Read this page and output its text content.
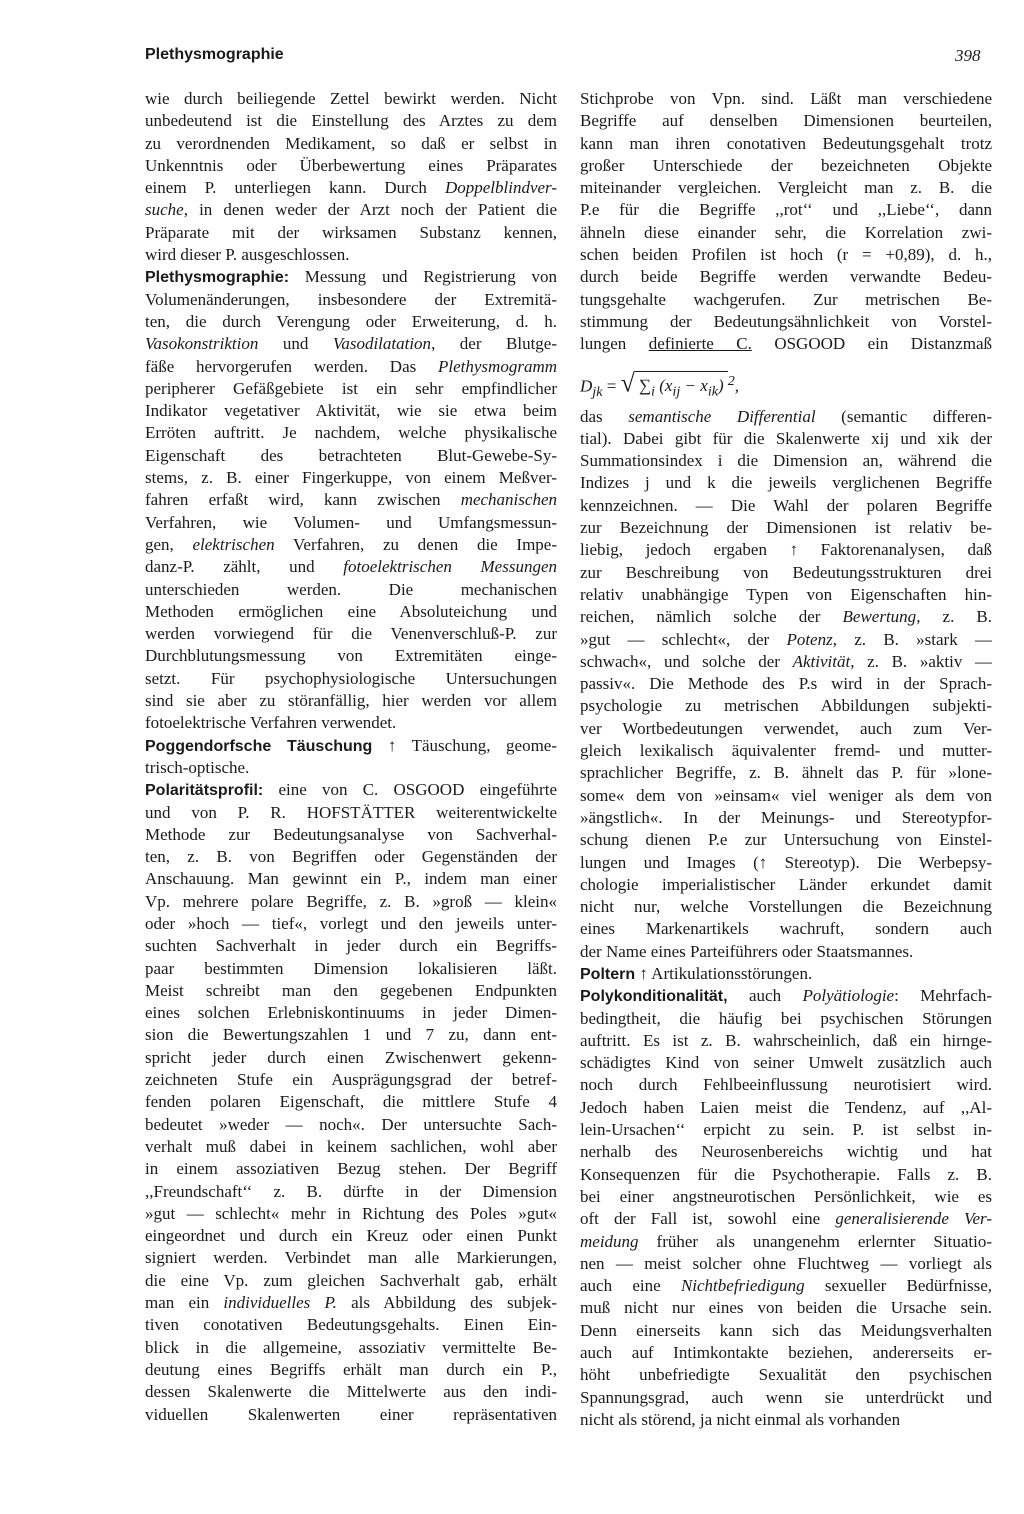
Plethysmographie	398
wie durch beiliegende Zettel bewirkt werden. Nicht
unbedeutend ist die Einstellung des Arztes zu dem
zu verordnenden Medikament, so daß er selbst in
Unkenntnis oder Überbewertung eines Präparates
einem P. unterliegen kann. Durch Doppelblindver-
suche, in denen weder der Arzt noch der Patient die
Präparate mit der wirksamen Substanz kennen,
wird dieser P. ausgeschlossen.
Plethysmographie: Messung und Registrierung von
Volumenänderungen, insbesondere der Extremitä-
ten, die durch Verengung oder Erweiterung, d. h.
Vasokonstriktion und Vasodilatation, der Blutge-
fäße hervorgerufen werden. Das Plethysmogramm
peripherer Gefäßgebiete ist ein sehr empfindlicher
Indikator vegetativer Aktivität, wie sie etwa beim
Erröten auftritt. Je nachdem, welche physikalische
Eigenschaft des betrachteten Blut-Gewebe-Sy-
stems, z. B. einer Fingerkuppe, von einem Meßver-
fahren erfaßt wird, kann zwischen mechanischen
Verfahren, wie Volumen- und Umfangsmessun-
gen, elektrischen Verfahren, zu denen die Impe-
danz-P. zählt, und fotoelektrischen Messungen
unterschieden werden. Die mechanischen
Methoden ermöglichen eine Absoluteichung und
werden vorwiegend für die Venenverschluß-P. zur
Durchblutungsmessung von Extremitäten einge-
setzt. Für psychophysiologische Untersuchungen
sind sie aber zu störanfällig, hier werden vor allem
fotoelektrische Verfahren verwendet.
Poggendorfsche Täuschung ↑ Täuschung, geome-
trisch-optische.
Polaritätsprofil: eine von C. OSGOOD eingeführte
und von P. R. HOFSTÄTTER weiterentwickelte
Methode zur Bedeutungsanalyse von Sachverhal-
ten, z. B. von Begriffen oder Gegenständen der
Anschauung. Man gewinnt ein P., indem man einer
Vp. mehrere polare Begriffe, z. B. »groß — klein«
oder »hoch — tief«, vorlegt und den jeweils unter-
suchten Sachverhalt in jeder durch ein Begriffs-
paar bestimmten Dimension lokalisieren läßt.
Meist schreibt man den gegebenen Endpunkten
eines solchen Erlebniskontinuums in jeder Dimen-
sion die Bewertungszahlen 1 und 7 zu, dann ent-
spricht jeder durch einen Zwischenwert gekenn-
zeichneten Stufe ein Ausprägungsgrad der betref-
fenden polaren Eigenschaft, die mittlere Stufe 4
bedeutet »weder — noch«. Der untersuchte Sach-
verhalt muß dabei in keinem sachlichen, wohl aber
in einem assoziativen Bezug stehen. Der Begriff
,,Freundschaft‘‘ z. B. dürfte in der Dimension
»gut — schlecht« mehr in Richtung des Poles »gut«
eingeordnet und durch ein Kreuz oder einen Punkt
signiert werden. Verbindet man alle Markierungen,
die eine Vp. zum gleichen Sachverhalt gab, erhält
man ein individuelles P. als Abbildung des subjek-
tiven conotativen Bedeutungsgehalts. Einen Ein-
blick in die allgemeine, assoziativ vermittelte Be-
deutung eines Begriffs erhält man durch ein P.,
dessen Skalenwerte die Mittelwerte aus den indi-
viduellen Skalenwerten einer repräsentativen
Stichprobe von Vpn. sind. Läßt man verschiedene
Begriffe auf denselben Dimensionen beurteilen,
kann man ihren conotativen Bedeutungsgehalt trotz
großer Unterschiede der bezeichneten Objekte
miteinander vergleichen. Vergleicht man z. B. die
P.e für die Begriffe ,,rot‘‘ und ,,Liebe‘‘, dann
ähneln diese einander sehr, die Korrelation zwi-
schen beiden Profilen ist hoch (r = +0,89), d. h.,
durch beide Begriffe werden verwandte Bedeu-
tungsgehalte wachgerufen. Zur metrischen Be-
stimmung der Bedeutungsähnlichkeit von Vorstel-
lungen definierte C. OSGOOD ein Distanzmaß
$D_{jk}$ = √ $\sum_i$ $(x_{ij} - x_{ik})$ $^2$,
das semantische Differential (semantic differen-
tial). Dabei gibt für die Skalenwerte xij und xik der
Summationsindex i die Dimension an, während die
Indizes j und k die jeweils verglichenen Begriffe
kennzeichnen. — Die Wahl der polaren Begriffe
zur Bezeichnung der Dimensionen ist relativ be-
liebig, jedoch ergaben ↑ Faktorenanalysen, daß
zur Beschreibung von Bedeutungsstrukturen drei
relativ unabhängige Typen von Eigenschaften hin-
reichen, nämlich solche der Bewertung, z. B.
»gut — schlecht«, der Potenz, z. B. »stark —
schwach«, und solche der Aktivität, z. B. »aktiv —
passiv«. Die Methode des P.s wird in der Sprach-
psychologie zu metrischen Abbildungen subjekti-
ver Wortbedeutungen verwendet, auch zum Ver-
gleich lexikalisch äquivalenter fremd- und mutter-
sprachlicher Begriffe, z. B. ähnelt das P. für »lone-
some« dem von »einsam« viel weniger als dem von
»ängstlich«. In der Meinungs- und Stereotypfor-
schung dienen P.e zur Untersuchung von Einstel-
lungen und Images (↑ Stereotyp). Die Werbepsy-
chologie imperialistischer Länder erkundet damit
nicht nur, welche Vorstellungen die Bezeichnung
eines Markenartikels wachruft, sondern auch
der Name eines Parteiführers oder Staatsmannes.
Poltern ↑ Artikulationsstörungen.
Polykonditionalität, auch Polyätiologie: Mehrfach-
bedingtheit, die häufig bei psychischen Störungen
auftritt. Es ist z. B. wahrscheinlich, daß ein hirnge-
schädigtes Kind von seiner Umwelt zusätzlich auch
noch durch Fehlbeeinflussung neurotisiert wird.
Jedoch haben Laien meist die Tendenz, auf ,,Al-
lein-Ursachen‘‘ erpicht zu sein. P. ist selbst in-
nerhalb des Neurosenbereichs wichtig und hat
Konsequenzen für die Psychotherapie. Falls z. B.
bei einer angstneurotischen Persönlichkeit, wie es
oft der Fall ist, sowohl eine generalisierende Ver-
meidung früher als unangenehm erlernter Situatio-
nen — meist solcher ohne Fluchtweg — vorliegt als
auch eine Nichtbefriedigung sexueller Bedürfnisse,
muß nicht nur eines von beiden die Ursache sein.
Denn einerseits kann sich das Meidungsverhalten
auch auf Intimkontakte beziehen, andererseits er-
höht unbefriedigte Sexualität den psychischen
Spannungsgrad, auch wenn sie unterdrückt und
nicht als störend, ja nicht einmal als vorhanden
